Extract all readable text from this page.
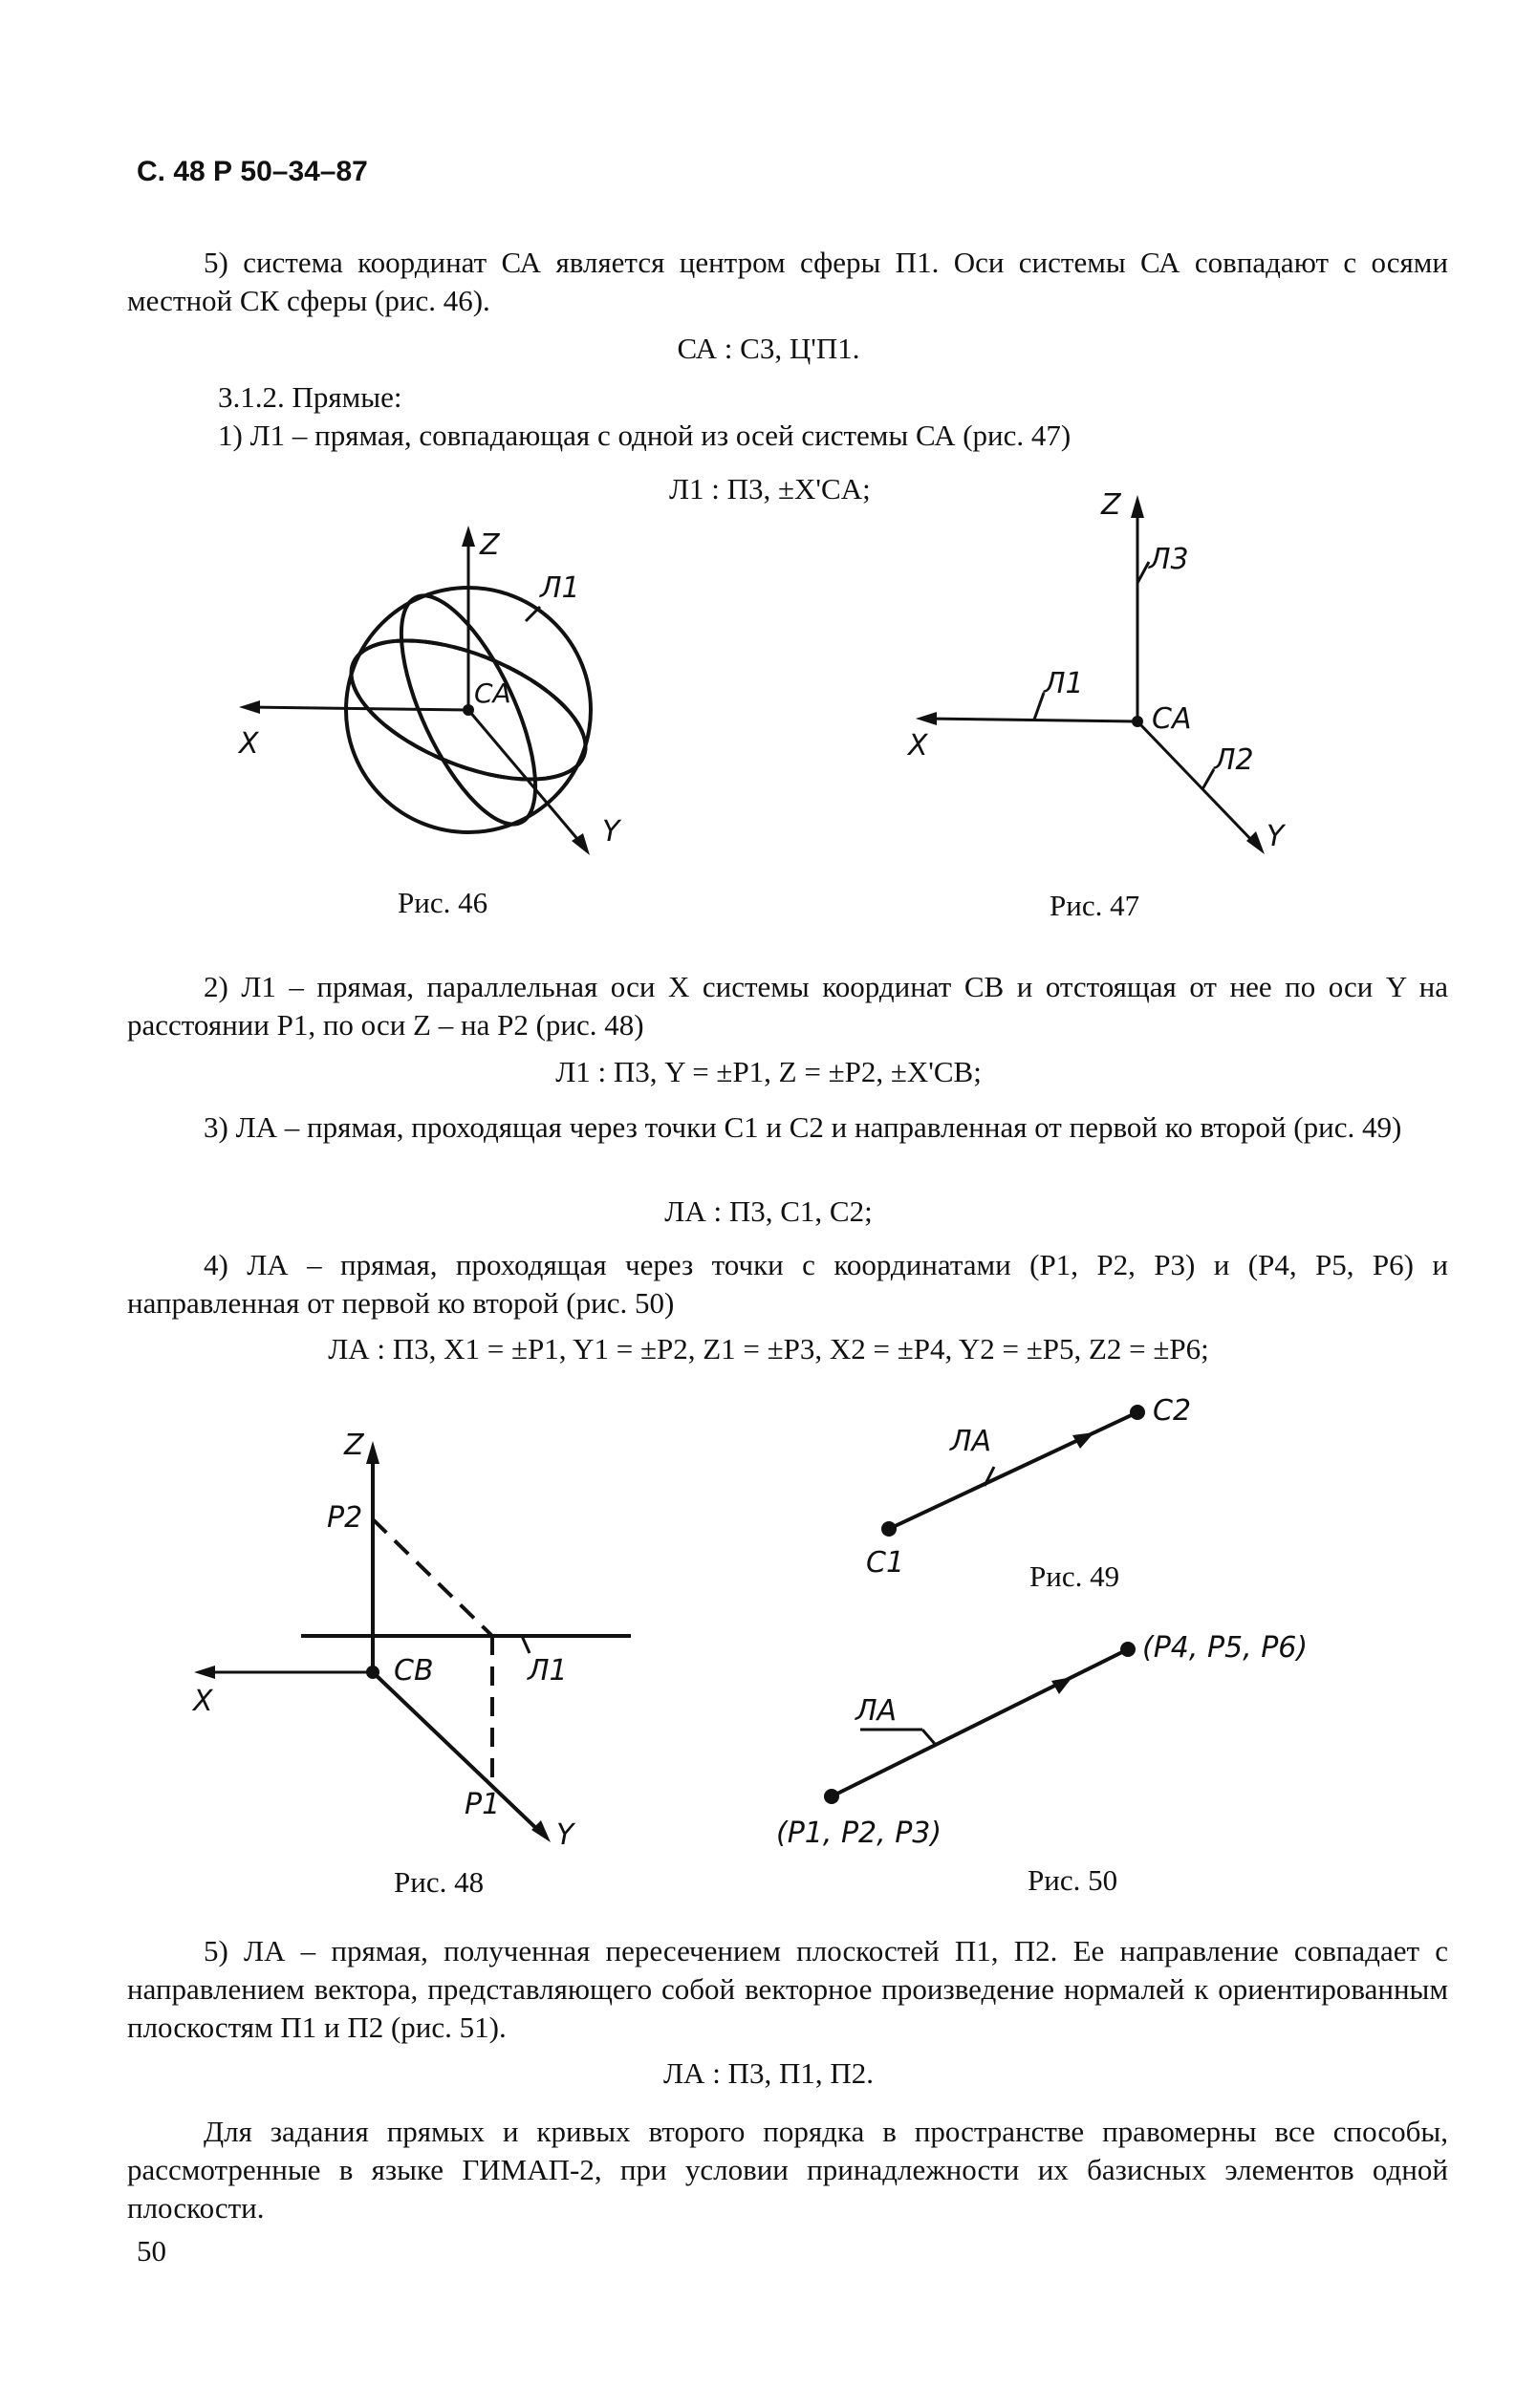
С. 48 Р 50–34–87
5) система координат СА является центром сферы П1. Оси системы СА совпадают с осями местной СК сферы (рис. 46).
СА : С3, Ц'П1.
3.1.2. Прямые:
1) Л1 – прямая, совпадающая с одной из осей системы СА (рис. 47)
Л1 : П3, ±X'CA;
Z
X
Y
Л1
CA
Рис. 46
Z
X
Y
Л3
Л1
Л2
CA
Рис. 47
2) Л1 – прямая, параллельная оси X системы координат СВ и отстоящая от нее по оси Y на расстоянии Р1, по оси Z – на Р2 (рис. 48)
Л1 : П3, Y = ±P1, Z = ±P2, ±X'CB;
3) ЛА – прямая, проходящая через точки С1 и С2 и направленная от первой ко второй (рис. 49)
ЛА : П3, С1, С2;
4) ЛА – прямая, проходящая через точки с координатами (Р1, Р2, Р3) и (Р4, Р5, Р6) и направленная от первой ко второй (рис. 50)
ЛА : П3, X1 = ±P1, Y1 = ±P2, Z1 = ±P3, X2 = ±P4, Y2 = ±P5, Z2 = ±P6;
Z
P2
X
CB	Л1
P1
Y
Рис. 48
C2
ЛА
C1	Рис. 49
(P4, P5, P6)
ЛА
(P1, P2, P3)
Рис. 50
5) ЛА – прямая, полученная пересечением плоскостей П1, П2. Ее направление совпадает с направлением вектора, представляющего собой векторное произведение нормалей к ориентированным плоскостям П1 и П2 (рис. 51).
ЛА : П3, П1, П2.
Для задания прямых и кривых второго порядка в пространстве правомерны все способы, рассмотренные в языке ГИМАП-2, при условии принадлежности их базисных элементов одной плоскости.
50
